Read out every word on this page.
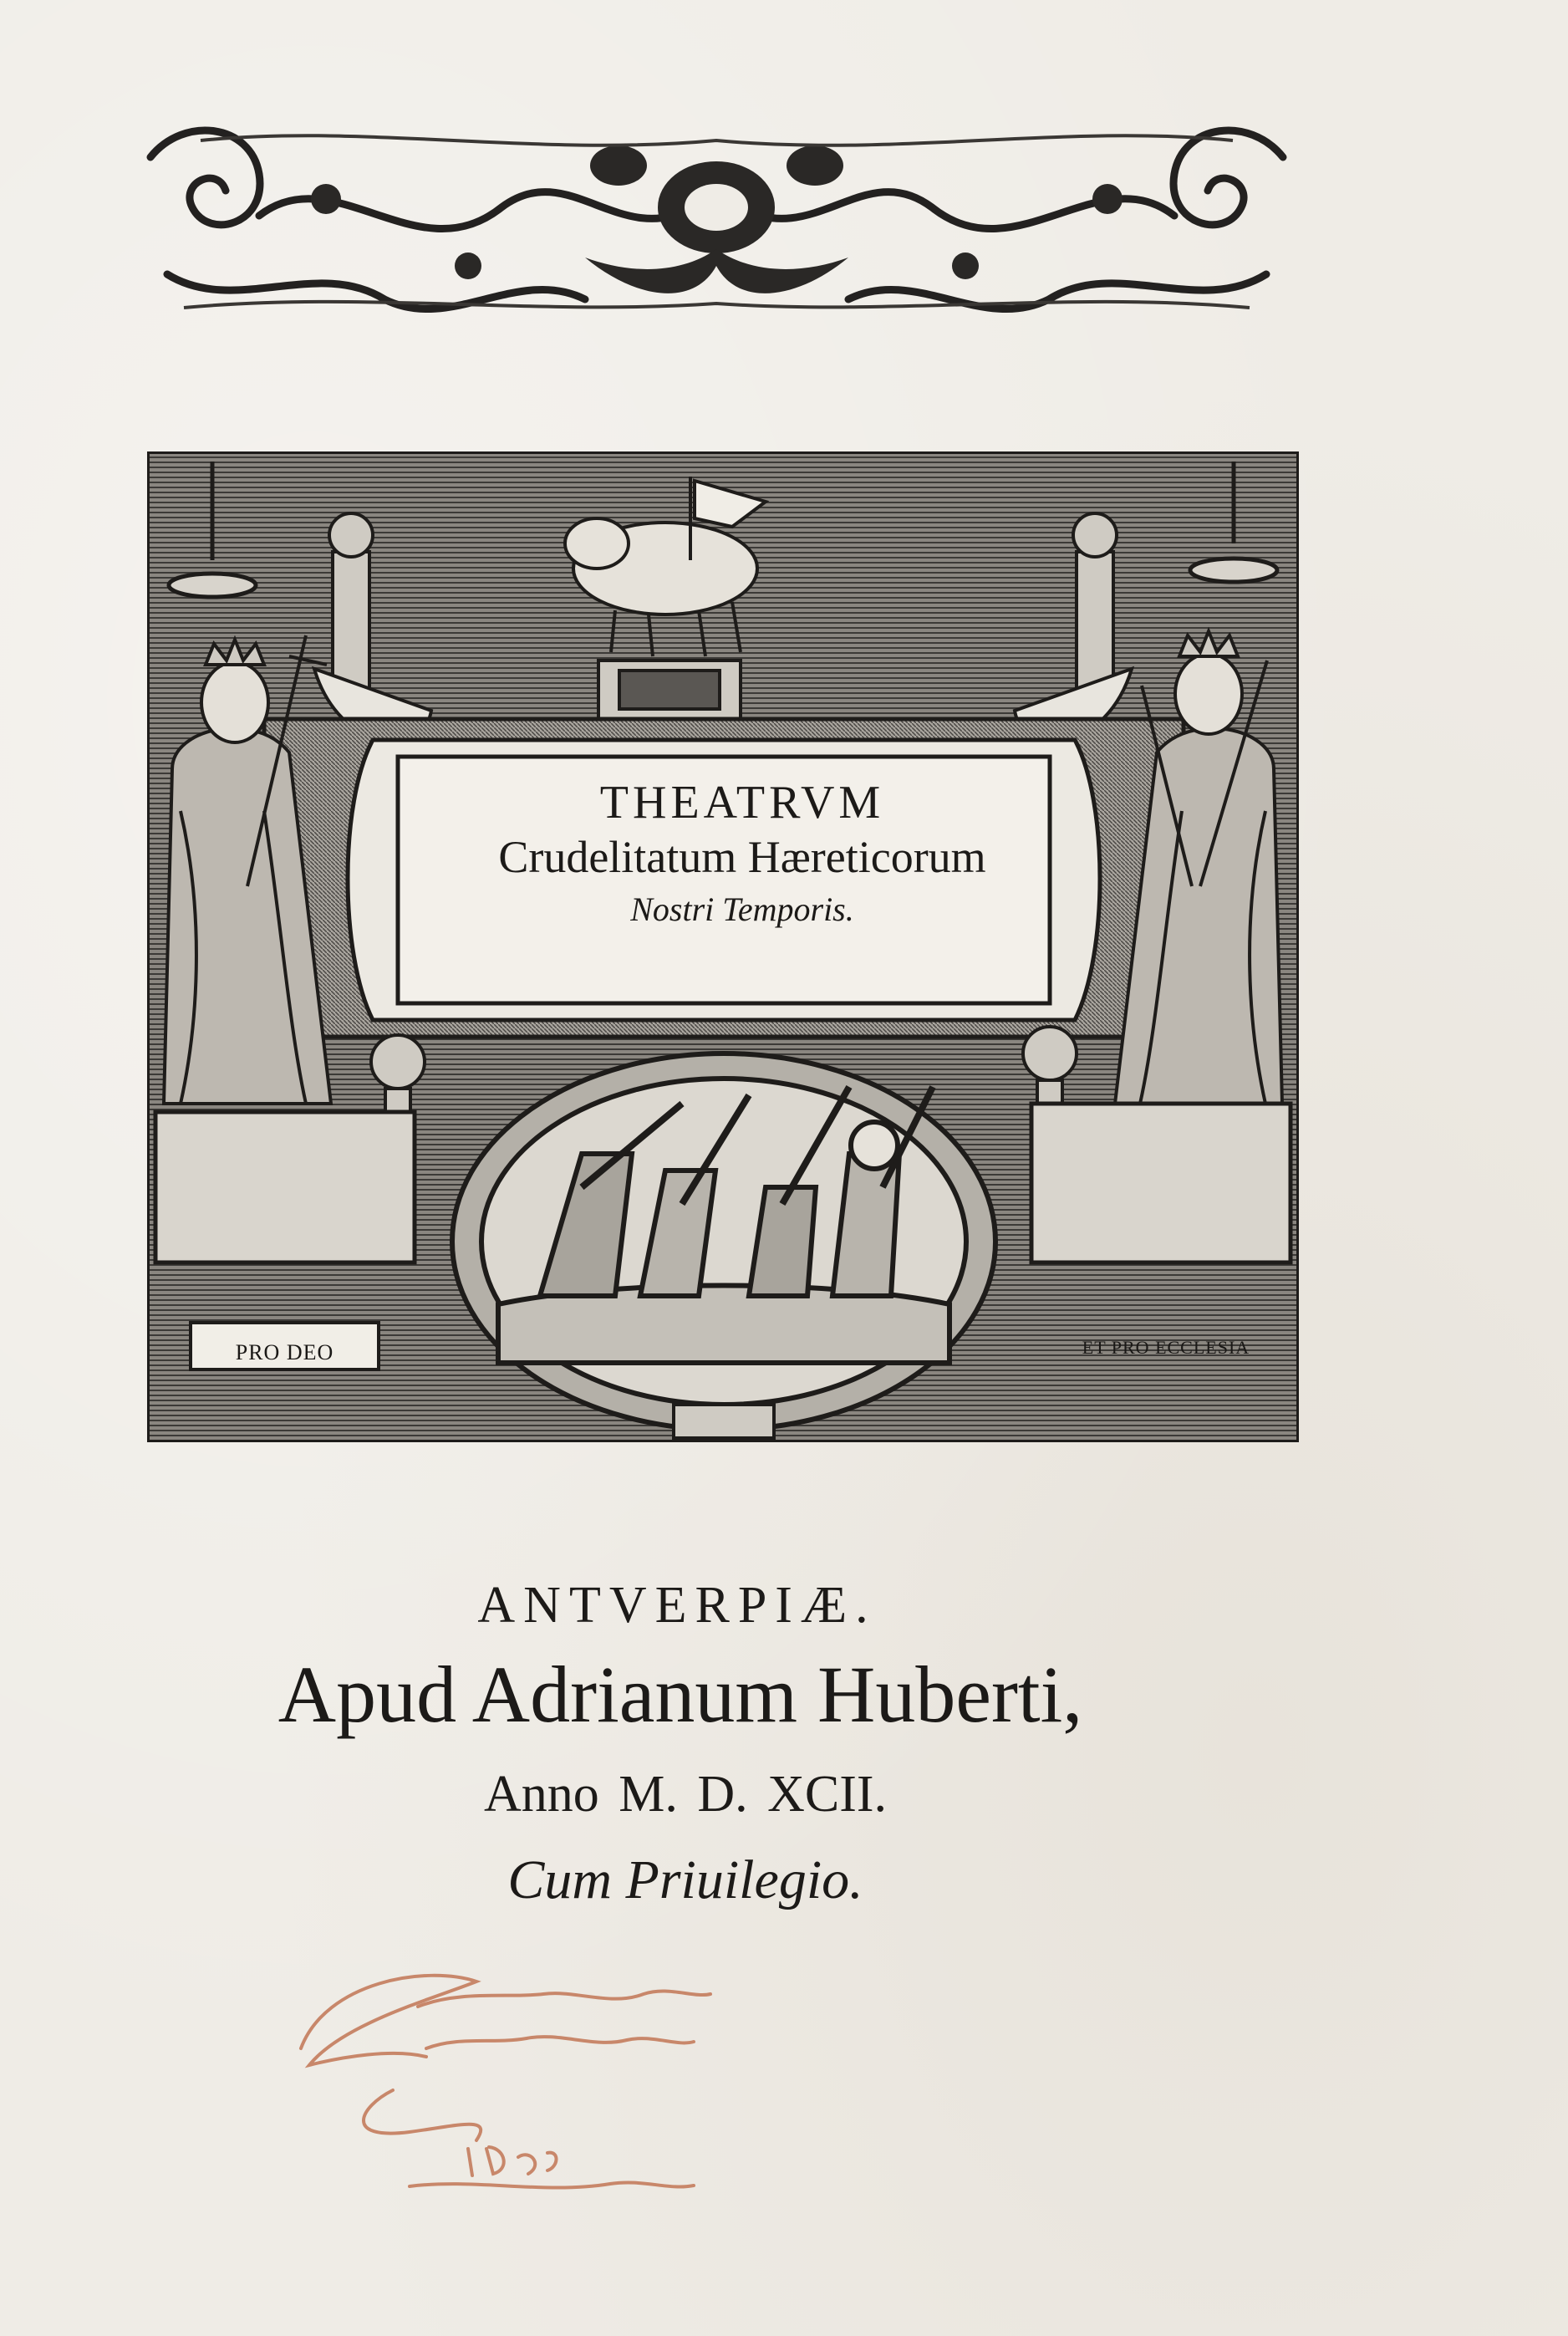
THEATRVM
Crudelitatum Hæreticorum
Nostri Temporis.
PRO DEO	ET PRO ECCLESIA
ANTVERPIÆ.
Apud Adrianum Huberti,
Anno M. D. XCII.
Cum Priuilegio.
